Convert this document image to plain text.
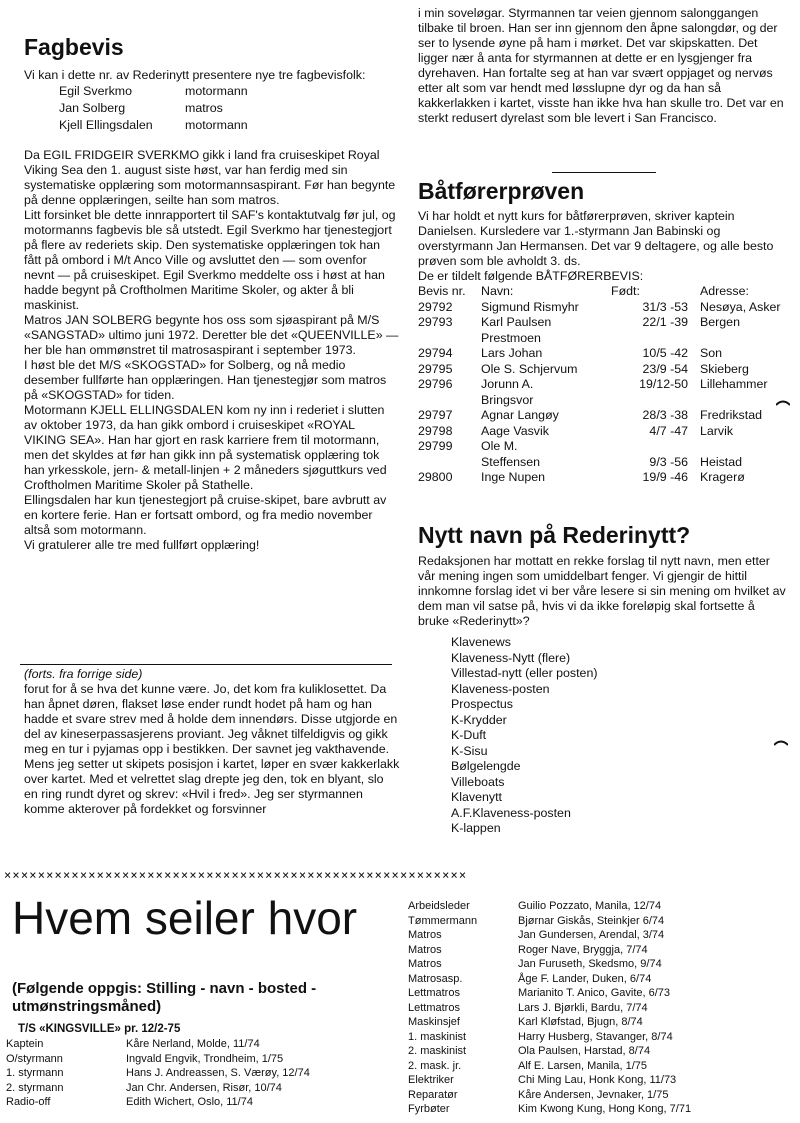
Fagbevis

Vi kan i dette nr. av Rederinytt presentere nye tre fagbevisfolk:

Egil Sverkmo	motormann
Jan Solberg	matros
Kjell Ellingsdalen	motormann

Da EGIL FRIDGEIR SVERKMO gikk i land fra cruiseskipet Royal Viking Sea den 1. august siste høst, var han ferdig med sin systematiske opplæring som motormannsaspirant. Før han begynte på denne opplæringen, seilte han som matros.

Litt forsinket ble dette innrapportert til SAF's kontaktutvalg før jul, og motormanns fagbevis ble så utstedt. Egil Sverkmo har tjenestegjort på flere av rederiets skip. Den systematiske opplæringen tok han fått på ombord i M/t Anco Ville og avsluttet den — som ovenfor nevnt — på cruiseskipet. Egil Sverkmo meddelte oss i høst at han hadde begynt på Croftholmen Maritime Skoler, og akter å bli maskinist.

Matros JAN SOLBERG begynte hos oss som sjøaspirant på M/S «SANGSTAD» ultimo juni 1972. Deretter ble det «QUEENVILLE» — her ble han ommønstret til matrosaspirant i september 1973.

I høst ble det M/S «SKOGSTAD» for Solberg, og nå medio desember fullførte han opplæringen. Han tjenestegjør som matros på «SKOGSTAD» for tiden.

Motormann KJELL ELLINGSDALEN kom ny inn i rederiet i slutten av oktober 1973, da han gikk ombord i cruiseskipet «ROYAL VIKING SEA». Han har gjort en rask karriere frem til motormann, men det skyldes at før han gikk inn på systematisk opplæring tok han yrkesskole, jern- & metall-linjen + 2 måneders sjøguttkurs ved Croftholmen Maritime Skoler på Stathelle.

Ellingsdalen har kun tjenestegjort på cruise-skipet, bare avbrutt av en kortere ferie. Han er fortsatt ombord, og fra medio november altså som motormann.

Vi gratulerer alle tre med fullført opplæring!

(forts. fra forrige side)

forut for å se hva det kunne være. Jo, det kom fra kuliklosettet. Da han åpnet døren, flakset løse ender rundt hodet på ham og han hadde et svare strev med å holde dem innendørs. Disse utgjorde en del av kineserpassasjerens proviant. Jeg våknet tilfeldigvis og gikk meg en tur i pyjamas opp i bestikken. Der savnet jeg vakthavende. Mens jeg setter ut skipets posisjon i kartet, løper en svær kakkerlakk over kartet. Med et velrettet slag drepte jeg den, tok en blyant, slo en ring rundt dyret og skrev: «Hvil i fred». Jeg ser styrmannen komme akterover på fordekket og forsvinner

i min soveløgar. Styrmannen tar veien gjennom salonggangen tilbake til broen. Han ser inn gjennom den åpne salongdør, og der ser to lysende øyne på ham i mørket. Det var skipskatten. Det ligger nær å anta for styrmannen at dette er en lysgjenger fra dyrehaven. Han fortalte seg at han var svært oppjaget og nervøs etter alt som var hendt med løsslupne dyr og da han så kakkerlakken i kartet, visste han ikke hva han skulle tro. Det var en sterkt redusert dyrelast som ble levert i San Francisco.

Båtførerprøven

Vi har holdt et nytt kurs for båtførerprøven, skriver kaptein Danielsen. Kursledere var 1.-styrmann Jan Babinski og overstyrmann Jan Hermansen. Det var 9 deltagere, og alle besto prøven som ble avholdt 3. ds.

De er tildelt følgende BÅTFØRERBEVIS:

Bevis nr.	Navn:	Født:	Adresse:
29792	Sigmund Rismyhr	31/3 -53	Nesøya, Asker
29793	Karl Paulsen	22/1 -39	Bergen
	Prestmoen		
29794	Lars Johan	10/5 -42	Son
29795	Ole S. Schjervum	23/9 -54	Skieberg
29796	Jorunn A.	19/12-50	Lillehammer
	Bringsvor		
29797	Agnar Langøy	28/3 -38	Fredrikstad
29798	Aage Vasvik	4/7 -47	Larvik
29799	Ole M.		
	Steffensen	9/3 -56	Heistad
29800	Inge Nupen	19/9 -46	Kragerø
Nytt navn på Rederinytt?

Redaksjonen har mottatt en rekke forslag til nytt navn, men etter vår mening ingen som umiddelbart fenger. Vi gjengir de hittil innkomne forslag idet vi ber våre lesere si sin mening om hvilket av dem man vil satse på, hvis vi da ikke foreløpig skal fortsette å bruke «Rederinytt»?

Klavenews
Klaveness-Nytt (flere)
Villestad-nytt (eller posten)
Klaveness-posten
Prospectus
K-Krydder
K-Duft
K-Sisu
Bølgelengde
Villeboats
Klavenytt
A.F.Klaveness-posten
K-lappen
×××××××××××××××××××××××××××××××××××××××××××××××××××××××
Hvem seiler hvor

(Følgende oppgis: Stilling - navn - bosted - utmønstringsmåned)

T/S «KINGSVILLE» pr. 12/2-75
Kaptein	Kåre Nerland, Molde, 11/74
O/styrmann	Ingvald Engvik, Trondheim, 1/75
1. styrmann	Hans J. Andreassen, S. Værøy, 12/74
2. styrmann	Jan Chr. Andersen, Risør, 10/74
Radio-off	Edith Wichert, Oslo, 11/74
Arbeidsleder	Guilio Pozzato, Manila, 12/74
Tømmermann	Bjørnar Giskås, Steinkjer 6/74
Matros	Jan Gundersen, Arendal, 3/74
Matros	Roger Nave, Bryggja, 7/74
Matros	Jan Furuseth, Skedsmo, 9/74
Matrosasp.	Åge F. Lander, Duken, 6/74
Lettmatros	Marianito T. Anico, Gavite, 6/73
Lettmatros	Lars J. Bjørkli, Bardu, 7/74
Maskinsjef	Karl Kløfstad, Bjugn, 8/74
1. maskinist	Harry Husberg, Stavanger, 8/74
2. maskinist	Ola Paulsen, Harstad, 8/74
2. mask. jr.	Alf E. Larsen, Manila, 1/75
Elektriker	Chi Ming Lau, Honk Kong, 11/73
Reparatør	Kåre Andersen, Jevnaker, 1/75
Fyrbøter	Kim Kwong Kung, Hong Kong, 7/71
